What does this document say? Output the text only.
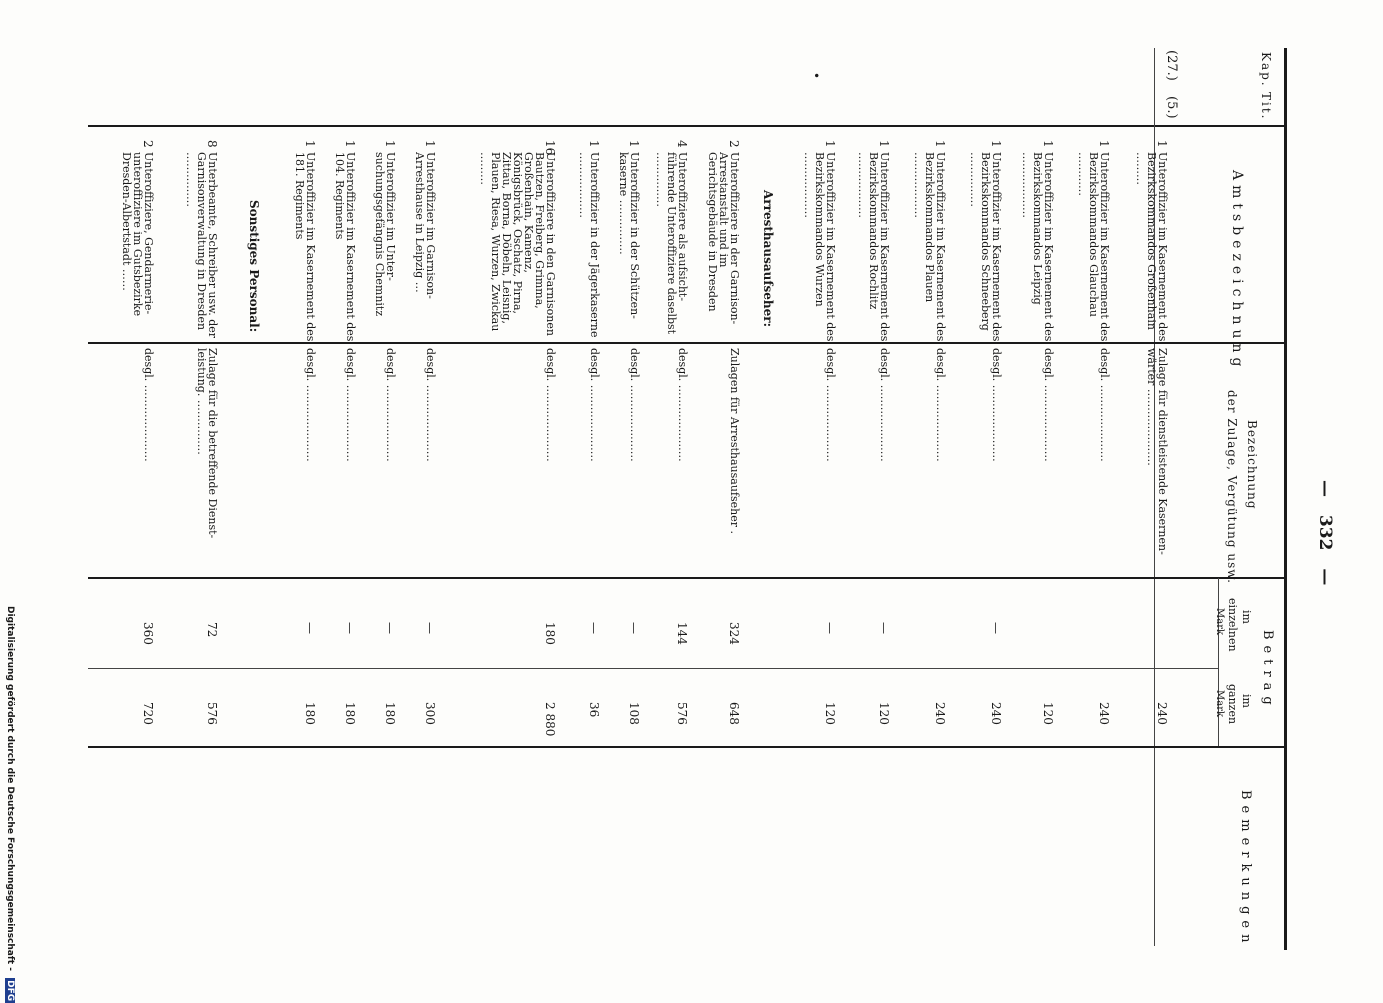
— 332 —
Kap.
Tit.
Amtsbezeichnung
Bezeichnung
der Zulage, Vergütung usw.
Betrag
im
einzelnen
Mark
im
ganzen
Mark
Bemerkungen
(27.)
(5.)
•
Arresthausaufseher:
Sonstiges Personal:
1
Unteroffizier im Kasernement des Bezirkskommandos Großenhain ………
Zulage für dienstleistende Kasernenwärter …………………
240
1
Unteroffizier im Kasernement des Bezirkskommandos Glauchau …………
desgl. …………………
240
1
Unteroffizier im Kasernement des Bezirkskommandos Leipzig ………………
desgl. …………………
120
1
Unteroffizier im Kasernement des Bezirkskommandos Schneeberg ……………
desgl. …………………
—
240
1
Unteroffizier im Kasernement des Bezirkskommandos Plauen ………………
desgl. …………………
240
1
Unteroffizier im Kasernement des Bezirkskommandos Rochlitz ………………
desgl. …………………
—
120
1
Unteroffizier im Kasernement des Bezirkskommandos Wurzen ………………
desgl. …………………
—
120
2
Unteroffiziere in der Garnison-Arrestanstalt und im Gerichtsgebäude in Dresden
Zulagen für Arresthausaufseher .
324
648
4
Unteroffiziere als aufsichtführende Unteroffiziere daselbst ……………
desgl. …………………
144
576
1
Unteroffizier in der Schützenkaserne ……………
desgl. …………………
—
108
1
Unteroffizier in der Jägerkaserne ………………
desgl. …………………
—
36
16
Unteroffiziere in den Garnisonen Bautzen, Freiberg, Grimma, Großenhain, Kamenz, Königsbrück, Oschatz, Pirna, Zittau, Borna, Döbeln, Leisnig, Plauen, Riesa, Wurzen, Zwickau ………
desgl. …………………
180
2 880
1
Unteroffizier im Garnison-Arresthause in Leipzig …
desgl. …………………
—
300
1
Unteroffizier im Untersuchungsgefängnis Chemnitz
desgl. …………………
—
180
1
Unteroffizier im Kasernement des 104. Regiments
desgl. …………………
—
180
1
Unteroffizier im Kasernement des 181. Regiments
desgl. …………………
—
180
8
Unterbeamte, Schreiber usw. der Garnisonverwaltung in Dresden ……………
Zulage für die betreffende Dienstleistung. ……………
72
576
2
Unteroffiziere, Gendarmerie-unteroffiziere im Gutsbezirke Dresden-Albertstadt ……
desgl. …………………
360
720
Digitalisierung gefördert durch die Deutsche Forschungsgemeinschaft - DFG
